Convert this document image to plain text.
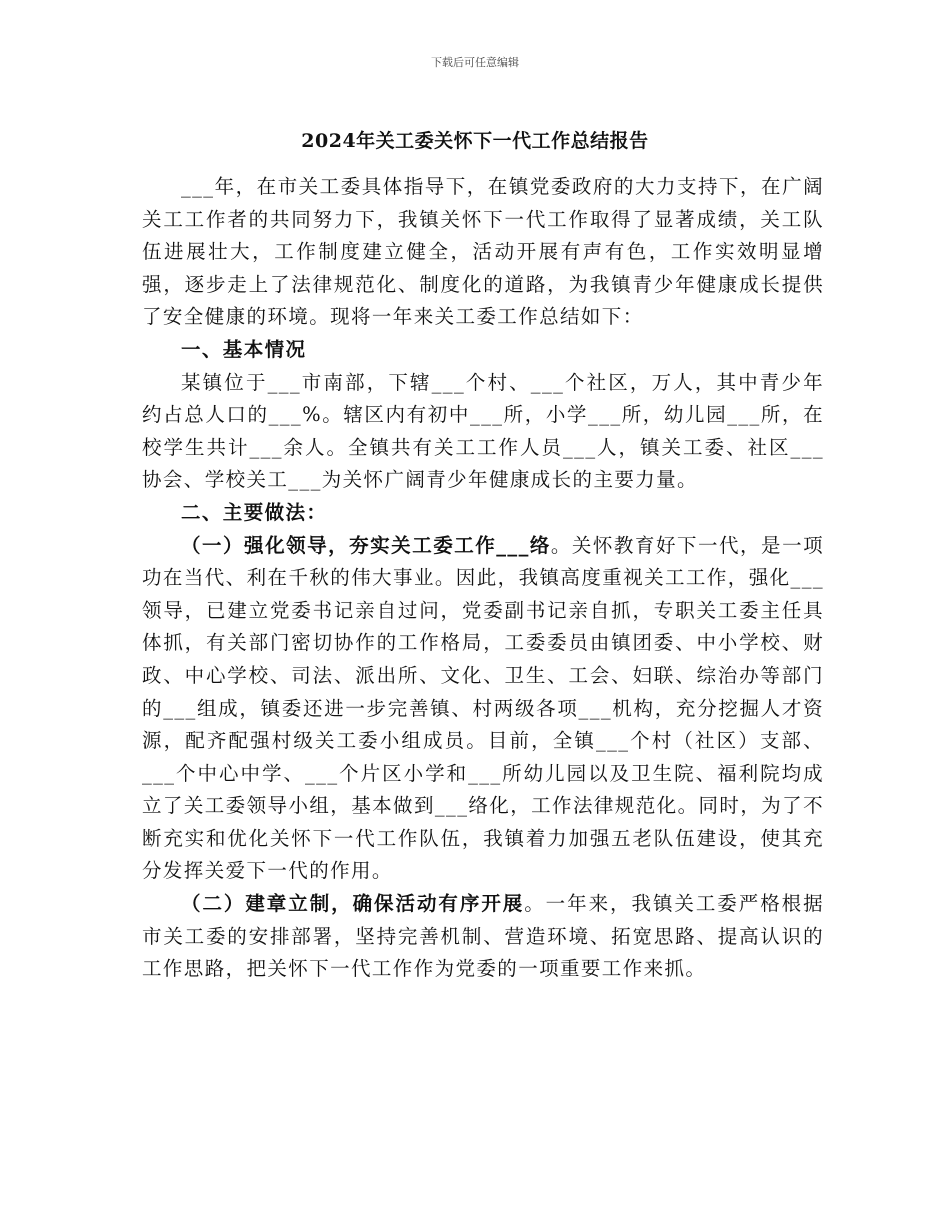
下载后可任意编辑
2024年关工委关怀下一代工作总结报告

___年，在市关工委具体指导下，在镇党委政府的大力支持下，在广阔关工工作者的共同努力下，我镇关怀下一代工作取得了显著成绩，关工队伍进展壮大，工作制度建立健全，活动开展有声有色，工作实效明显增强，逐步走上了法律规范化、制度化的道路，为我镇青少年健康成长提供了安全健康的环境。现将一年来关工委工作总结如下：

一、基本情况

某镇位于___市南部，下辖___个村、___个社区，万人，其中青少年约占总人口的___%。辖区内有初中___所，小学___所，幼儿园___所，在校学生共计___余人。全镇共有关工工作人员___人，镇关工委、社区___协会、学校关工___为关怀广阔青少年健康成长的主要力量。

二、主要做法：

（一）强化领导，夯实关工委工作___络。关怀教育好下一代，是一项功在当代、利在千秋的伟大事业。因此，我镇高度重视关工工作，强化___领导，已建立党委书记亲自过问，党委副书记亲自抓，专职关工委主任具体抓，有关部门密切协作的工作格局，工委委员由镇团委、中小学校、财政、中心学校、司法、派出所、文化、卫生、工会、妇联、综治办等部门的___组成，镇委还进一步完善镇、村两级各项___机构，充分挖掘人才资源，配齐配强村级关工委小组成员。目前，全镇___个村（社区）支部、___个中心中学、___个片区小学和___所幼儿园以及卫生院、福利院均成立了关工委领导小组，基本做到___络化，工作法律规范化。同时，为了不断充实和优化关怀下一代工作队伍，我镇着力加强五老队伍建设，使其充分发挥关爱下一代的作用。

（二）建章立制，确保活动有序开展。一年来，我镇关工委严格根据市关工委的安排部署，坚持完善机制、营造环境、拓宽思路、提高认识的工作思路，把关怀下一代工作作为党委的一项重要工作来抓。
